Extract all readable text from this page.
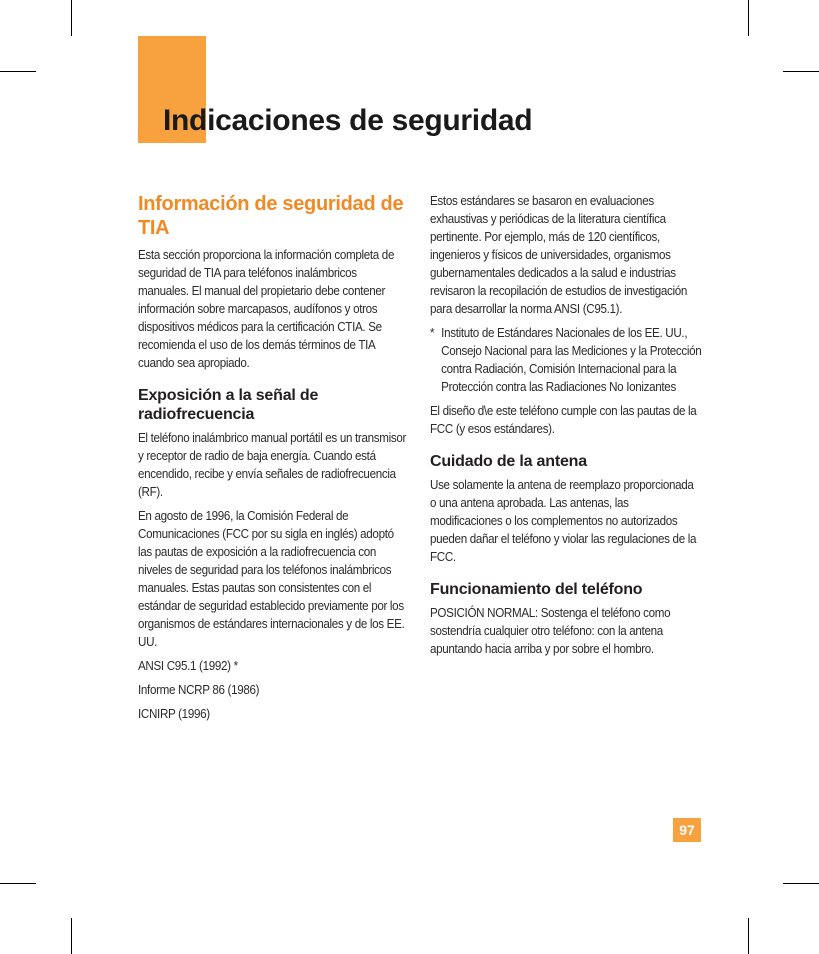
Indicaciones de seguridad
Información de seguridad de TIA

Esta sección proporciona la información completa de seguridad de TIA para teléfonos inalámbricos manuales. El manual del propietario debe contener información sobre marcapasos, audífonos y otros dispositivos médicos para la certificación CTIA. Se recomienda el uso de los demás términos de TIA cuando sea apropiado.

Exposición a la señal de radiofrecuencia

El teléfono inalámbrico manual portátil es un transmisor y receptor de radio de baja energía. Cuando está encendido, recibe y envía señales de radiofrecuencia (RF).

En agosto de 1996, la Comisión Federal de Comunicaciones (FCC por su sigla en inglés) adoptó las pautas de exposición a la radiofrecuencia con niveles de seguridad para los teléfonos inalámbricos manuales. Estas pautas son consistentes con el estándar de seguridad establecido previamente por los organismos de estándares internacionales y de los EE. UU.

ANSI C95.1 (1992) *

Informe NCRP 86 (1986)

ICNIRP (1996)

Estos estándares se basaron en evaluaciones exhaustivas y periódicas de la literatura científica pertinente. Por ejemplo, más de 120 científicos, ingenieros y físicos de universidades, organismos gubernamentales dedicados a la salud e industrias revisaron la recopilación de estudios de investigación para desarrollar la norma ANSI (C95.1).

* Instituto de Estándares Nacionales de los EE. UU., Consejo Nacional para las Mediciones y la Protección contra Radiación, Comisión Internacional para la Protección contra las Radiaciones No Ionizantes

El diseño d\e este teléfono cumple con las pautas de la FCC (y esos estándares).

Cuidado de la antena

Use solamente la antena de reemplazo proporcionada o una antena aprobada. Las antenas, las modificaciones o los complementos no autorizados pueden dañar el teléfono y violar las regulaciones de la FCC.

Funcionamiento del teléfono

POSICIÓN NORMAL: Sostenga el teléfono como sostendría cualquier otro teléfono: con la antena apuntando hacia arriba y por sobre el hombro.

97
